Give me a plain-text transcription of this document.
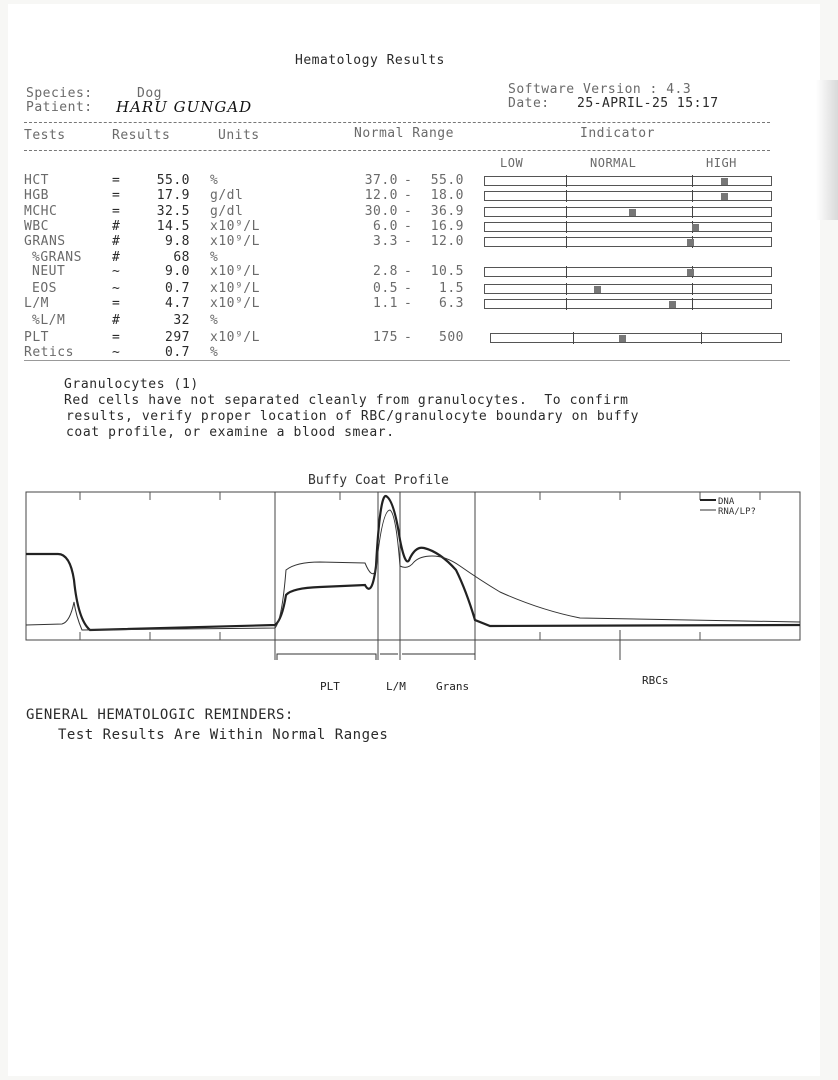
Hematology Results
Species:	Dog
Patient: HARU GUNGAD
Software Version : 4.3
Date: 25-APRIL-25 15:17
Tests	Results	Units	Normal Range	Indicator
LOW	NORMAL	HIGH
HCT	=	55.0 %	37.0 -	55.0
HGB	=	17.9 g/dl	12.0 -	18.0
MCHC	=	32.5 g/dl	30.0 -	36.9
WBC	#	14.5 x10⁹/L	6.0 -	16.9
GRANS	#	9.8 x10⁹/L	3.3 -	12.0
%GRANS #	68 %
NEUT	~	9.0 x10⁹/L	2.8 -	10.5
EOS	~	0.7 x10⁹/L	0.5 -	1.5
L/M	=	4.7 x10⁹/L	1.1 -	6.3
%L/M	#	32 %
PLT	=	297 x10⁹/L	175 -	500
Retics	~	0.7 %
Granulocytes (1)
Red cells have not separated cleanly from granulocytes.  To confirm
results, verify proper location of RBC/granulocyte boundary on buffy
coat profile, or examine a blood smear.
Buffy Coat Profile
DNA
RNA/LP?
PLT	L/M	Grans	RBCs
GENERAL HEMATOLOGIC REMINDERS:
Test Results Are Within Normal Ranges
